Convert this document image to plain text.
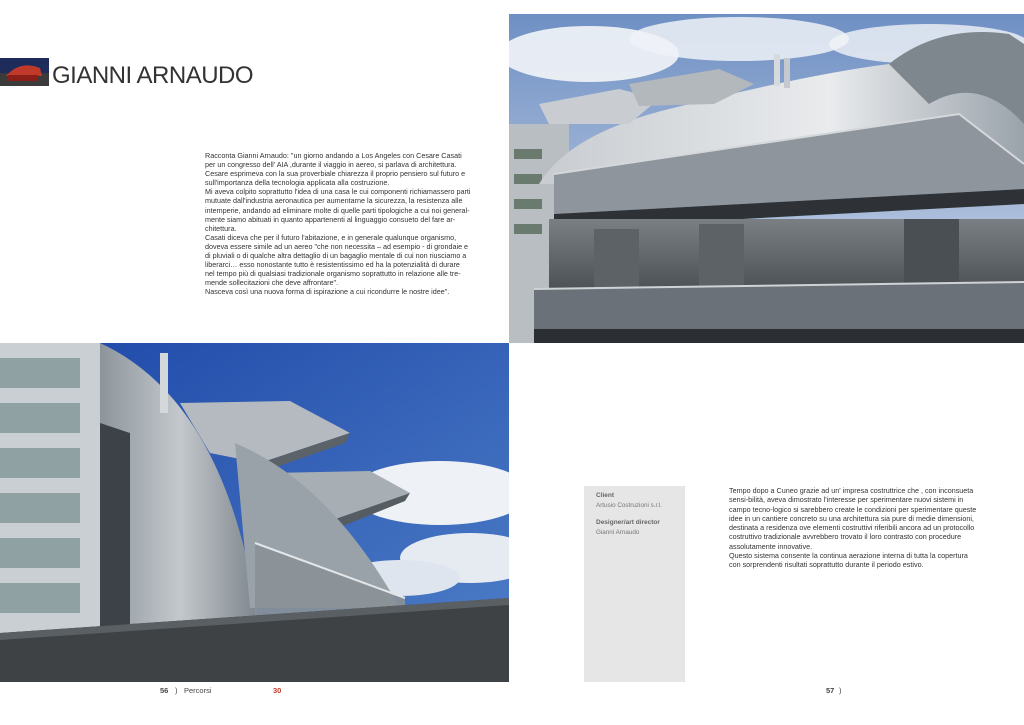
GIANNI ARNAUDO

Racconta Gianni Arnaudo: "un giorno andando a Los Angeles con Cesare Casati per un congresso dell' AIA ,durante il viaggio in aereo, si parlava di architettura. Cesare esprimeva con la sua proverbiale chiarezza il proprio pensiero sul futuro e sull'importanza della tecnologia applicata alla costruzione.

Mi aveva colpito soprattutto l'idea di una casa le cui componenti richiamassero parti mutuate dall'industria aeronautica per aumentarne la sicurezza, la resistenza alle intemperie, andando ad eliminare molte di quelle parti tipologiche a cui noi general-mente siamo abituati in quanto appartenenti al linguaggio consueto del fare ar-chitettura.

Casati diceva che per il futuro l'abitazione, e in generale qualunque organismo, doveva essere simile ad un aereo "che non necessita – ad esempio - di grondaie e di pluviali o di qualche altra dettaglio di un bagaglio mentale di cui non riusciamo a liberarci… esso nonostante tutto è resistentissimo ed ha la potenzialità di durare nel tempo più di qualsiasi tradizionale organismo soprattutto in relazione alle tre-mende sollecitazioni che deve affrontare".

Nasceva così una nuova forma di ispirazione a cui ricondurre le nostre idee".

Client
Artusio Costruzioni s.r.l.
Designer/art director
Gianni Arnaudo

Tempo dopo a Cuneo grazie ad un' impresa costruttrice che , con inconsueta sensi-bilità, aveva dimostrato l'interesse per sperimentare nuovi sistemi in campo tecno-logico si sarebbero create le condizioni per sperimentare queste idee in un cantiere concreto su una architettura sia pure di medie dimensioni, destinata a residenza ove elementi costruttivi riferibili ancora ad un protocollo costruttivo tradizionale avvrebbero trovato il loro contrasto con procedure assolutamente innovative.

Questo sistema consente la continua aerazione interna di tutta la copertura con sorprendenti risultati soprattutto durante il periodo estivo.

56 ) Percorsi	30	57 )
